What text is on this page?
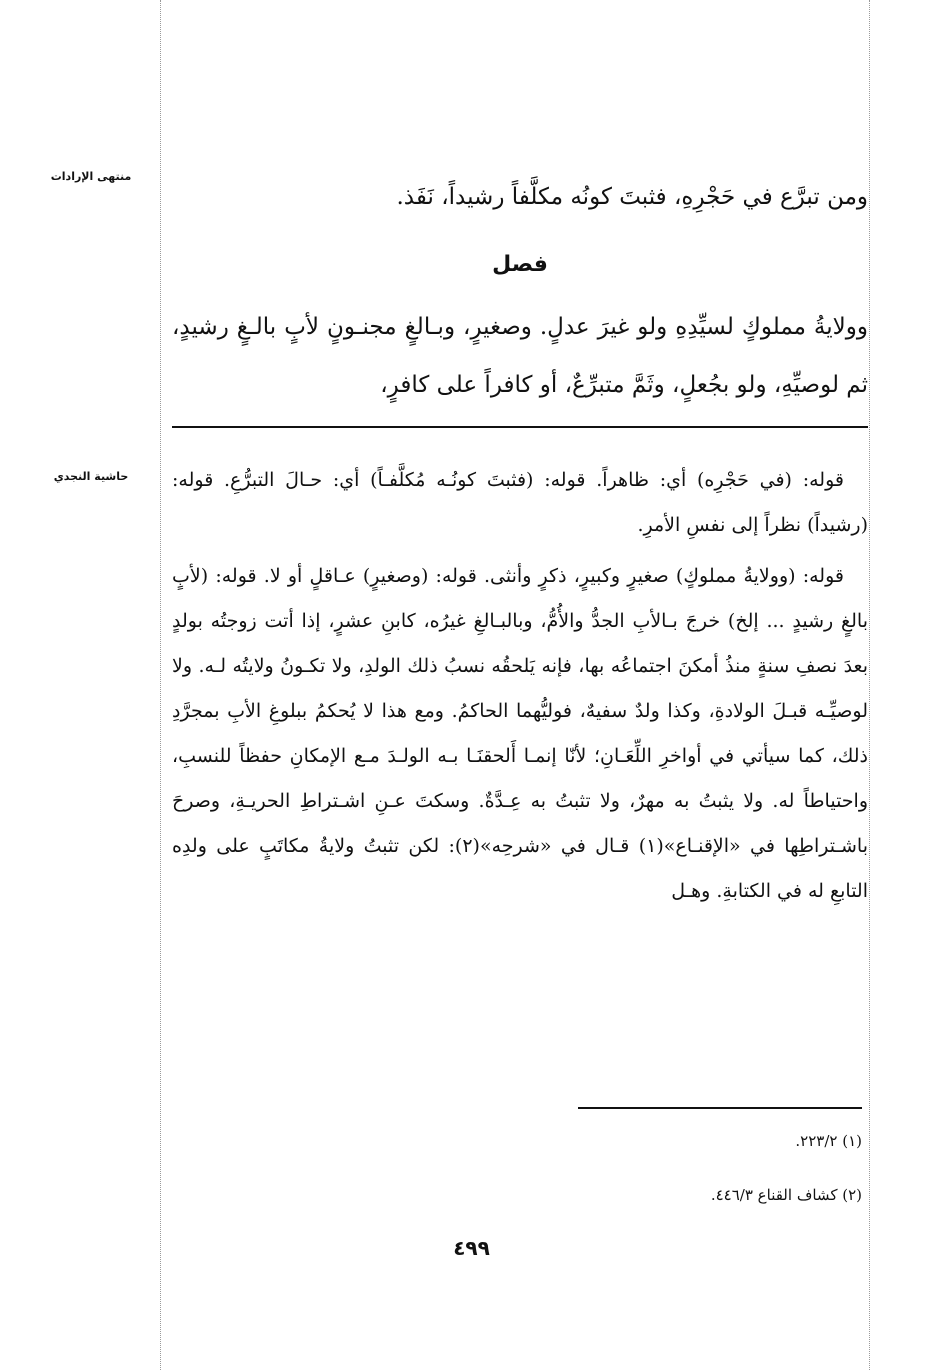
منتهى الإرادات
حاشية النجدي
ومن تبرَّع في حَجْرِهِ، فثبتَ كونُه مكلَّفاً رشيداً، نَفَذ.
فصل
وولايةُ مملوكٍ لسيِّدِهِ ولو غيرَ عدلٍ. وصغيرٍ، وبـالغٍ مجنـونٍ لأبٍ بالـغٍ رشيدٍ، ثم لوصيِّهِ، ولو بجُعلٍ، وثَمَّ متبرِّعٌ، أو كافراً على كافرٍ،

قوله: (في حَجْرِه) أي: ظاهراً. قوله: (فثبتَ كونُـه مُكلَّفـاً) أي: حـالَ التبرُّعِ. قوله: (رشيداً) نظراً إلى نفسِ الأمرِ.

قوله: (وولايةُ مملوكٍ) صغيرٍ وكبيرٍ، ذكرٍ وأنثى. قوله: (وصغيرٍ) عـاقلٍ أو لا. قوله: (لأبٍ بالغٍ رشيدٍ ... إلخ) خرجَ بـالأبِ الجدُّ والأُمُّ، وبالبـالغِ غيرُه، كابنِ عشرٍ، إذا أتت زوجتُه بولدٍ بعدَ نصفِ سنةٍ منذُ أمكنَ اجتماعُه بها، فإنه يَلحقُه نسبُ ذلك الولدِ، ولا تكـونُ ولايتُه لـه. ولا لوصيِّـه قبـلَ الولادةِ، وكذا ولدٌ سفيهٌ، فوليُّهما الحاكمُ. ومع هذا لا يُحكمُ ببلوغِ الأبِ بمجرَّدِ ذلك، كما سيأتي في أواخرِ اللِّعَـانِ؛ لأنّا إنمـا أَلحقنَـا بـه الولـدَ مـع الإمكانِ حفظاً للنسبِ، واحتياطاً له. ولا يثبتُ به مهرٌ، ولا تثبتُ به عِـدَّةٌ. وسكتَ عـنِ اشـتراطِ الحريـةِ، وصرحَ باشـتراطِها في «الإقنـاع»(١) قـال في «شرحِه»(٢): لكن تثبتُ ولايةُ مكاتَبٍ على ولدِه التابعِ له في الكتابةِ. وهـل

(١) ٢٢٣/٢.
(٢) كشاف القناع ٤٤٦/٣.
٤٩٩
